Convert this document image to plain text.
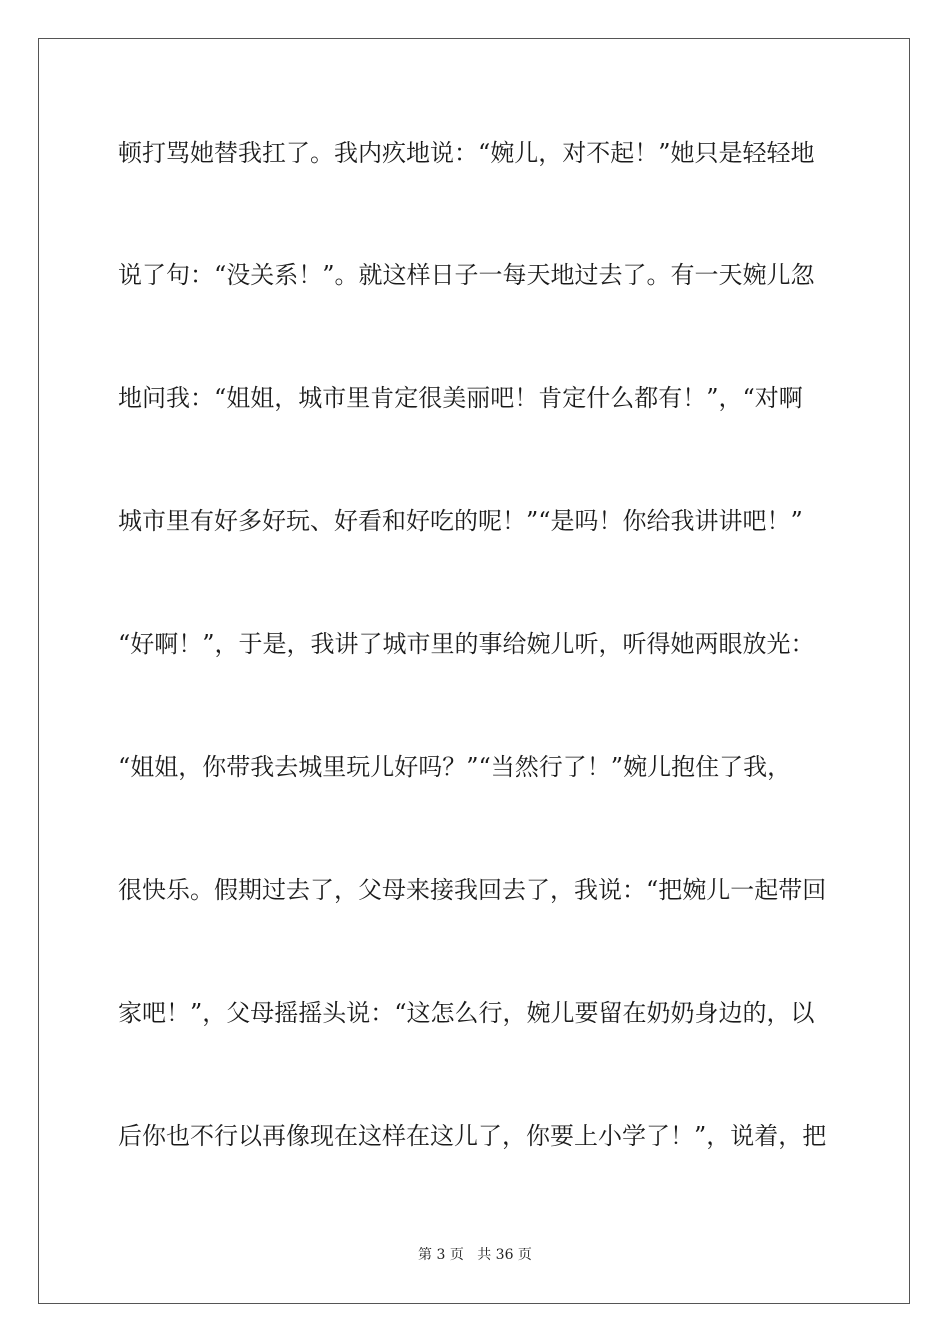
顿打骂她替我扛了。我内疚地说：“婉儿，对不起！”她只是轻轻地
说了句：“没关系！”。就这样日子一每天地过去了。有一天婉儿忽
地问我：“姐姐，城市里肯定很美丽吧！肯定什么都有！”，“对啊
城市里有好多好玩、好看和好吃的呢！”“是吗！你给我讲讲吧！”
“好啊！”，于是，我讲了城市里的事给婉儿听，听得她两眼放光：
“姐姐，你带我去城里玩儿好吗？”“当然行了！”婉儿抱住了我，
很快乐。假期过去了，父母来接我回去了，我说：“把婉儿一起带回
家吧！”，父母摇摇头说：“这怎么行，婉儿要留在奶奶身边的，以
后你也不行以再像现在这样在这儿了，你要上小学了！”，说着，把
第 3 页 共 36 页
